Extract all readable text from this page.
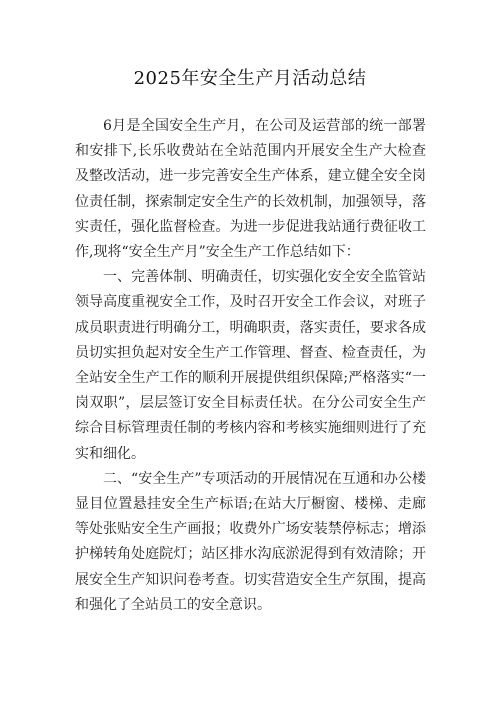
2025年安全生产月活动总结

6月是全国安全生产月，在公司及运营部的统一部署和安排下,长乐收费站在全站范围内开展安全生产大检查及整改活动，进一步完善安全生产体系，建立健全安全岗位责任制，探索制定安全生产的长效机制，加强领导，落实责任，强化监督检查。为进一步促进我站通行费征收工作,现将“安全生产月”安全生产工作总结如下：

一、完善体制、明确责任，切实强化安全安全监管站领导高度重视安全工作，及时召开安全工作会议，对班子成员职责进行明确分工，明确职责，落实责任，要求各成员切实担负起对安全生产工作管理、督查、检查责任，为全站安全生产工作的顺利开展提供组织保障;严格落实“一岗双职”，层层签订安全目标责任状。在分公司安全生产综合目标管理责任制的考核内容和考核实施细则进行了充实和细化。

二、“安全生产”专项活动的开展情况在互通和办公楼显目位置悬挂安全生产标语;在站大厅橱窗、楼梯、走廊等处张贴安全生产画报；收费外广场安装禁停标志；增添护梯转角处庭院灯；站区排水沟底淤泥得到有效清除；开展安全生产知识问卷考查。切实营造安全生产氛围，提高和强化了全站员工的安全意识。
